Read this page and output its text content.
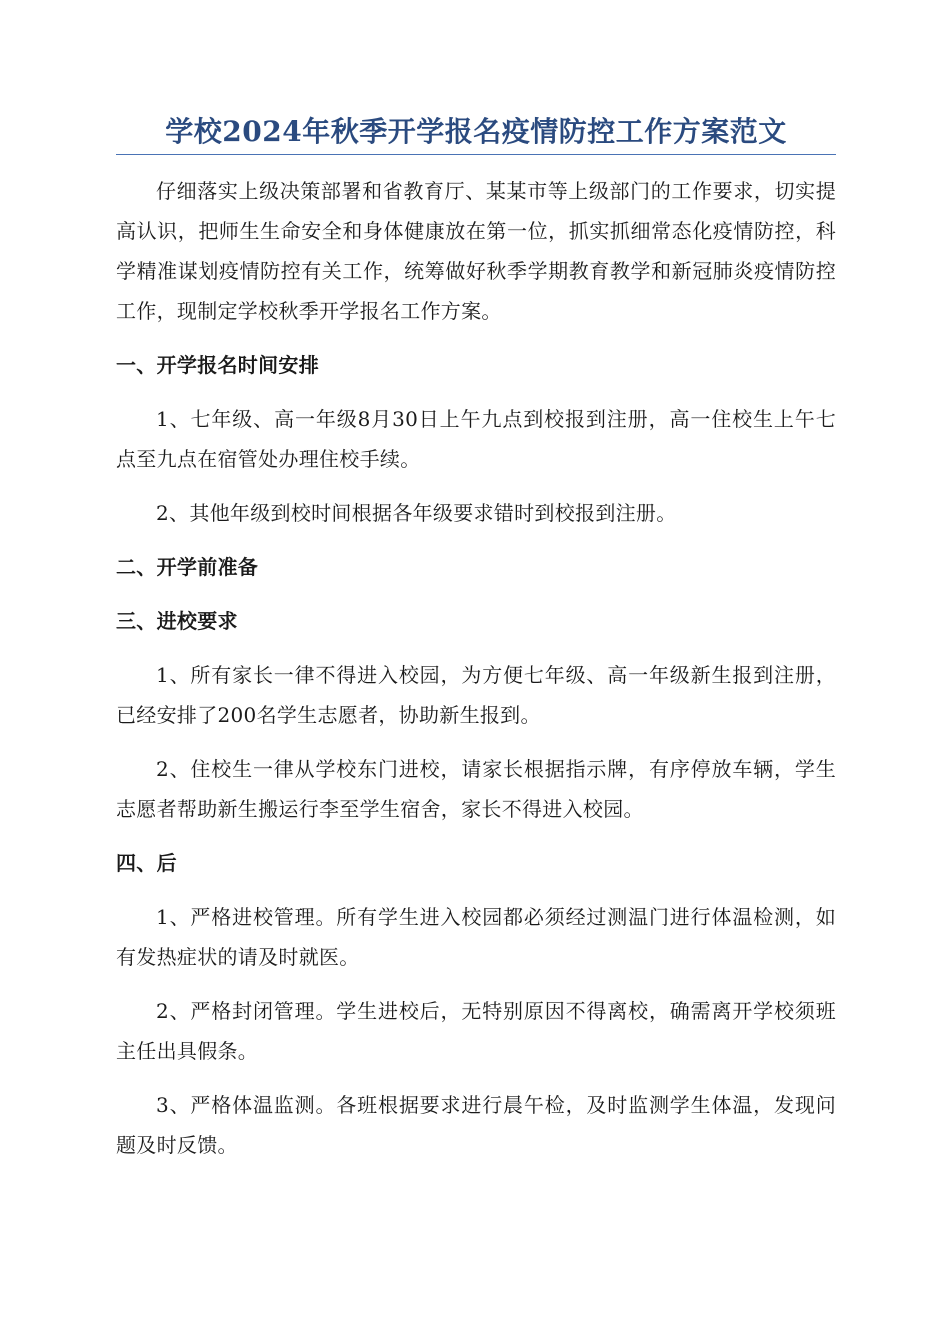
学校2024年秋季开学报名疫情防控工作方案范文

仔细落实上级决策部署和省教育厅、某某市等上级部门的工作要求，切实提高认识，把师生生命安全和身体健康放在第一位，抓实抓细常态化疫情防控，科学精准谋划疫情防控有关工作，统筹做好秋季学期教育教学和新冠肺炎疫情防控工作，现制定学校秋季开学报名工作方案。

一、开学报名时间安排

1、七年级、高一年级8月30日上午九点到校报到注册，高一住校生上午七点至九点在宿管处办理住校手续。

2、其他年级到校时间根据各年级要求错时到校报到注册。

二、开学前准备
三、进校要求

1、所有家长一律不得进入校园，为方便七年级、高一年级新生报到注册，已经安排了200名学生志愿者，协助新生报到。

2、住校生一律从学校东门进校，请家长根据指示牌，有序停放车辆，学生志愿者帮助新生搬运行李至学生宿舍，家长不得进入校园。

四、后

1、严格进校管理。所有学生进入校园都必须经过测温门进行体温检测，如有发热症状的请及时就医。

2、严格封闭管理。学生进校后，无特别原因不得离校，确需离开学校须班主任出具假条。

3、严格体温监测。各班根据要求进行晨午检，及时监测学生体温，发现问题及时反馈。
